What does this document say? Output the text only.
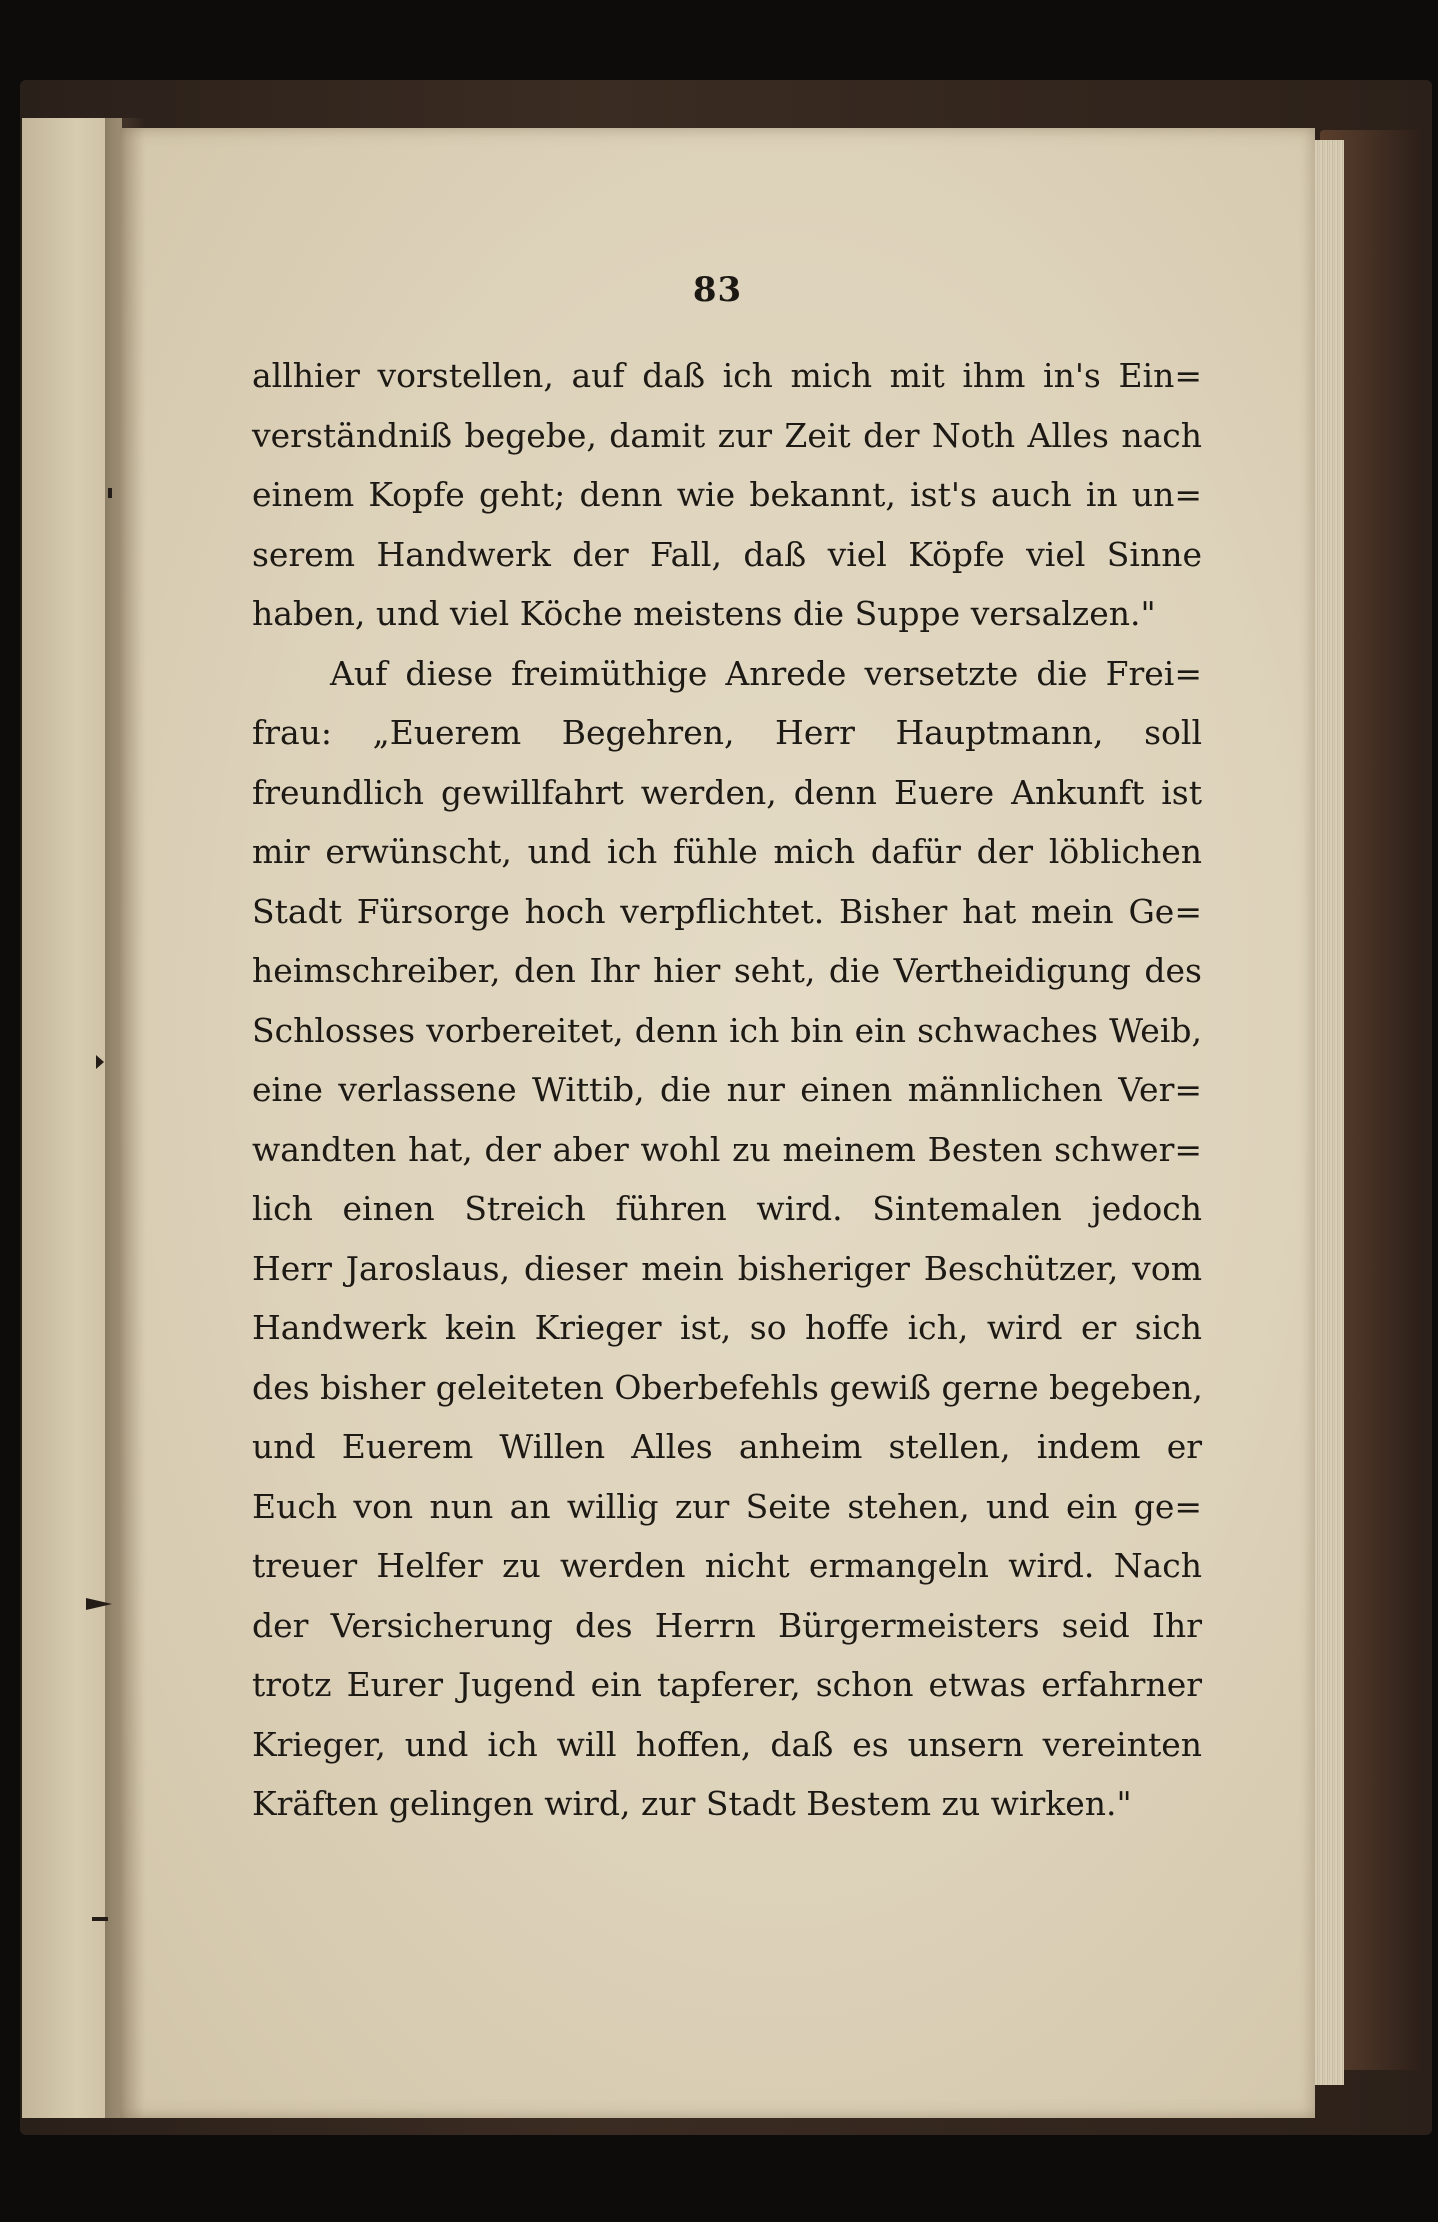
83
allhier vorstellen, auf daß ich mich mit ihm in's Ein=
verständniß begebe, damit zur Zeit der Noth Alles nach
einem Kopfe geht; denn wie bekannt, ist's auch in un=
serem Handwerk der Fall, daß viel Köpfe viel Sinne
haben, und viel Köche meistens die Suppe versalzen."
Auf diese freimüthige Anrede versetzte die Frei=
frau: „Euerem Begehren, Herr Hauptmann, soll
freundlich gewillfahrt werden, denn Euere Ankunft ist
mir erwünscht, und ich fühle mich dafür der löblichen
Stadt Fürsorge hoch verpflichtet. Bisher hat mein Ge=
heimschreiber, den Ihr hier seht, die Vertheidigung des
Schlosses vorbereitet, denn ich bin ein schwaches Weib,
eine verlassene Wittib, die nur einen männlichen Ver=
wandten hat, der aber wohl zu meinem Besten schwer=
lich einen Streich führen wird. Sintemalen jedoch
Herr Jaroslaus, dieser mein bisheriger Beschützer, vom
Handwerk kein Krieger ist, so hoffe ich, wird er sich
des bisher geleiteten Oberbefehls gewiß gerne begeben,
und Euerem Willen Alles anheim stellen, indem er
Euch von nun an willig zur Seite stehen, und ein ge=
treuer Helfer zu werden nicht ermangeln wird. Nach
der Versicherung des Herrn Bürgermeisters seid Ihr
trotz Eurer Jugend ein tapferer, schon etwas erfahrner
Krieger, und ich will hoffen, daß es unsern vereinten
Kräften gelingen wird, zur Stadt Bestem zu wirken."
